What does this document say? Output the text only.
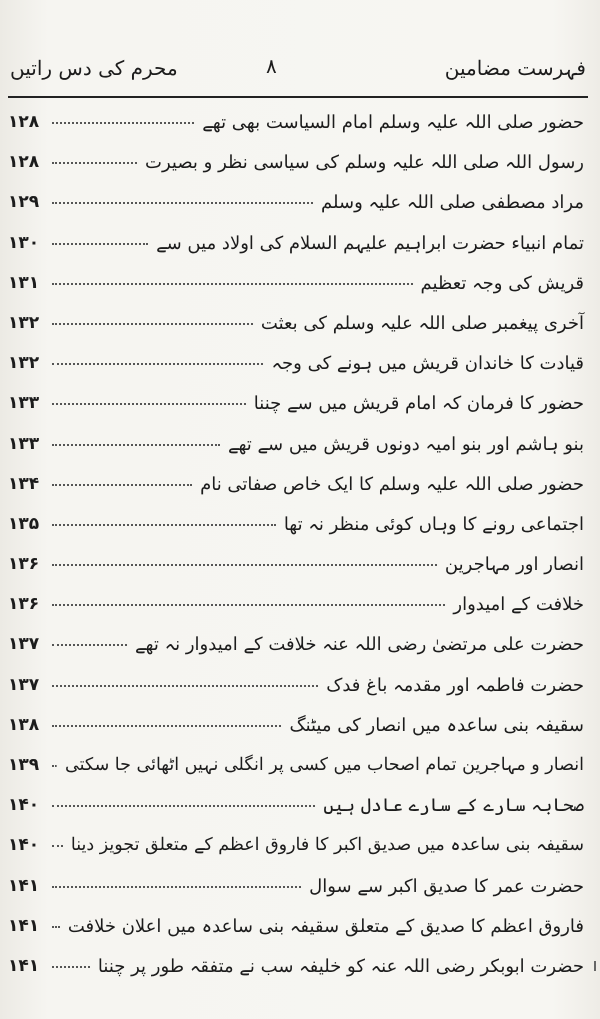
فہرست مضامین
۸
محرم کی دس راتیں
حضور صلی اللہ علیہ وسلم امام السیاست بھی تھے
۱۲۸
رسول اللہ صلی اللہ علیہ وسلم کی سیاسی نظر و بصیرت
۱۲۸
مراد مصطفی صلی اللہ علیہ وسلم
۱۲۹
تمام انبیاء حضرت ابراہیم علیہم السلام کی اولاد میں سے
۱۳۰
قریش کی وجہ تعظیم
۱۳۱
آخری پیغمبر صلی اللہ علیہ وسلم کی بعثت
۱۳۲
قیادت کا خاندان قریش میں ہونے کی وجہ
۱۳۲
حضور کا فرمان کہ امام قریش میں سے چننا
۱۳۳
بنو ہاشم اور بنو امیہ دونوں قریش میں سے تھے
۱۳۳
حضور صلی اللہ علیہ وسلم کا ایک خاص صفاتی نام
۱۳۴
اجتماعی رونے کا وہاں کوئی منظر نہ تھا
۱۳۵
انصار اور مہاجرین
۱۳۶
خلافت کے امیدوار
۱۳۶
حضرت علی مرتضیٰ رضی اللہ عنہ خلافت کے امیدوار نہ تھے
۱۳۷
حضرت فاطمہ اور مقدمہ باغ فدک
۱۳۷
سقیفہ بنی ساعدہ میں انصار کی میٹنگ
۱۳۸
انصار و مہاجرین تمام اصحاب میں کسی پر انگلی نہیں اٹھائی جا سکتی
۱۳۹
صحابہ سارے کے سارے عادل ہیں
۱۴۰
سقیفہ بنی ساعدہ میں صدیق اکبر کا فاروق اعظم کے متعلق تجویز دینا
۱۴۰
حضرت عمر کا صدیق اکبر سے سوال
۱۴۱
فاروق اعظم کا صدیق کے متعلق سقیفہ بنی ساعدہ میں اعلان خلافت
۱۴۱
حضرت ابوبکر رضی اللہ عنہ کو خلیفہ سب نے متفقہ طور پر چننا
۱۴۱
